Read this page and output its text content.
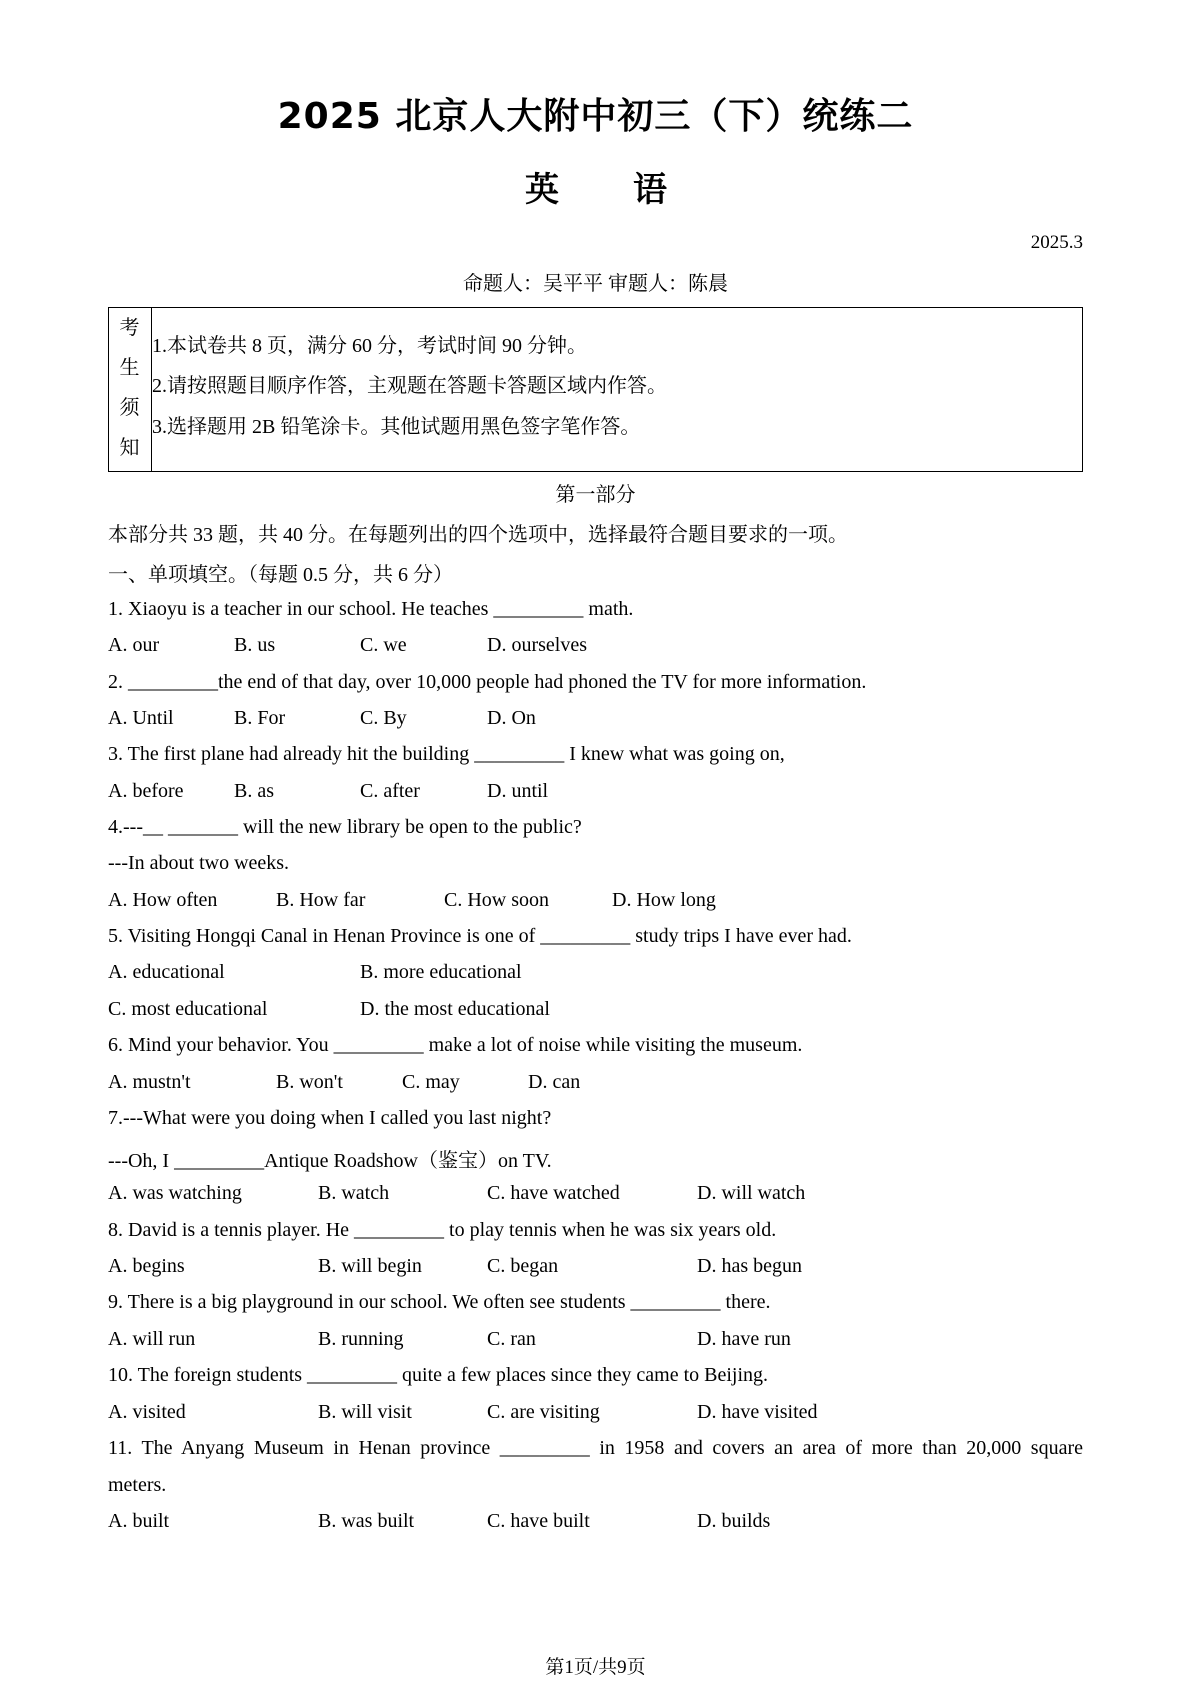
2025 北京人大附中初三（下）统练二
英 语
2025.3
命题人：吴平平 审题人：陈晨
考
生
须
知
1.本试卷共 8 页，满分 60 分，考试时间 90 分钟。
2.请按照题目顺序作答，主观题在答题卡答题区域内作答。
3.选择题用 2B 铅笔涂卡。其他试题用黑色签字笔作答。
第一部分
本部分共 33 题，共 40 分。在每题列出的四个选项中，选择最符合题目要求的一项。
一、单项填空。（每题 0.5 分，共 6 分）
1. Xiaoyu is a teacher in our school. He teaches _________ math.
A. our	B. us	C. we	D. ourselves
2. _________the end of that day, over 10,000 people had phoned the TV for more information.
A. Until	B. For	C. By	D. On
3. The first plane had already hit the building _________ I knew what was going on,
A. before	B. as	C. after	D. until
4.---__ _______ will the new library be open to the public?
---In about two weeks.
A. How often	B. How far	C. How soon	D. How long
5. Visiting Hongqi Canal in Henan Province is one of _________ study trips I have ever had.
A. educational	B. more educational
C. most educational	D. the most educational
6. Mind your behavior. You _________ make a lot of noise while visiting the museum.
A. mustn't	B. won't	C. may	D. can
7.---What were you doing when I called you last night?
---Oh, I _________Antique Roadshow（鉴宝）on TV.
A. was watching	B. watch	C. have watched	D. will watch
8. David is a tennis player. He _________ to play tennis when he was six years old.
A. begins	B. will begin	C. began	D. has begun
9. There is a big playground in our school. We often see students _________ there.
A. will run	B. running	C. ran	D. have run
10. The foreign students _________ quite a few places since they came to Beijing.
A. visited	B. will visit	C. are visiting	D. have visited
11. The Anyang Museum in Henan province _________ in 1958 and covers an area of more than 20,000 square
meters.
A. built	B. was built	C. have built	D. builds
第1页/共9页
